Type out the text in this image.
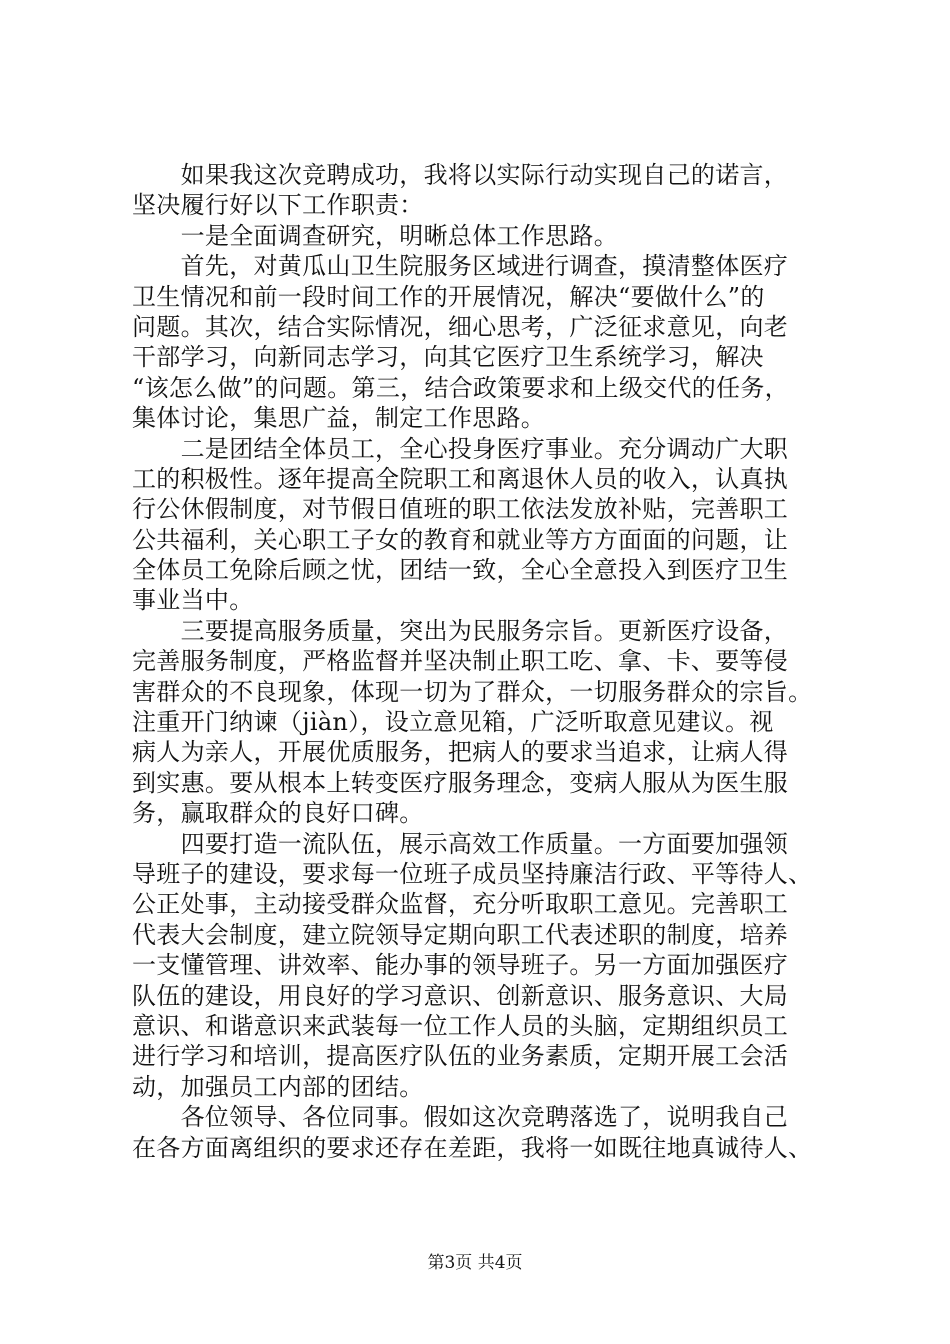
　　如果我这次竞聘成功，我将以实际行动实现自己的诺言，
坚决履行好以下工作职责：
　　一是全面调查研究，明晰总体工作思路。
　　首先，对黄瓜山卫生院服务区域进行调查，摸清整体医疗
卫生情况和前一段时间工作的开展情况，解决“要做什么”的
问题。其次，结合实际情况，细心思考，广泛征求意见，向老
干部学习，向新同志学习，向其它医疗卫生系统学习，解决
“该怎么做”的问题。第三，结合政策要求和上级交代的任务，
集体讨论，集思广益，制定工作思路。
　　二是团结全体员工，全心投身医疗事业。充分调动广大职
工的积极性。逐年提高全院职工和离退休人员的收入，认真执
行公休假制度，对节假日值班的职工依法发放补贴，完善职工
公共福利，关心职工子女的教育和就业等方方面面的问题，让
全体员工免除后顾之忧，团结一致，全心全意投入到医疗卫生
事业当中。
　　三要提高服务质量，突出为民服务宗旨。更新医疗设备，
完善服务制度，严格监督并坚决制止职工吃、拿、卡、要等侵
害群众的不良现象，体现一切为了群众，一切服务群众的宗旨。
注重开门纳谏（jiàn），设立意见箱，广泛听取意见建议。视
病人为亲人，开展优质服务，把病人的要求当追求，让病人得
到实惠。要从根本上转变医疗服务理念，变病人服从为医生服
务，赢取群众的良好口碑。
　　四要打造一流队伍，展示高效工作质量。一方面要加强领
导班子的建设，要求每一位班子成员坚持廉洁行政、平等待人、
公正处事，主动接受群众监督，充分听取职工意见。完善职工
代表大会制度，建立院领导定期向职工代表述职的制度，培养
一支懂管理、讲效率、能办事的领导班子。另一方面加强医疗
队伍的建设，用良好的学习意识、创新意识、服务意识、大局
意识、和谐意识来武装每一位工作人员的头脑，定期组织员工
进行学习和培训，提高医疗队伍的业务素质，定期开展工会活
动，加强员工内部的团结。
　　各位领导、各位同事。假如这次竞聘落选了，说明我自己
在各方面离组织的要求还存在差距，我将一如既往地真诚待人、
第3页 共4页
